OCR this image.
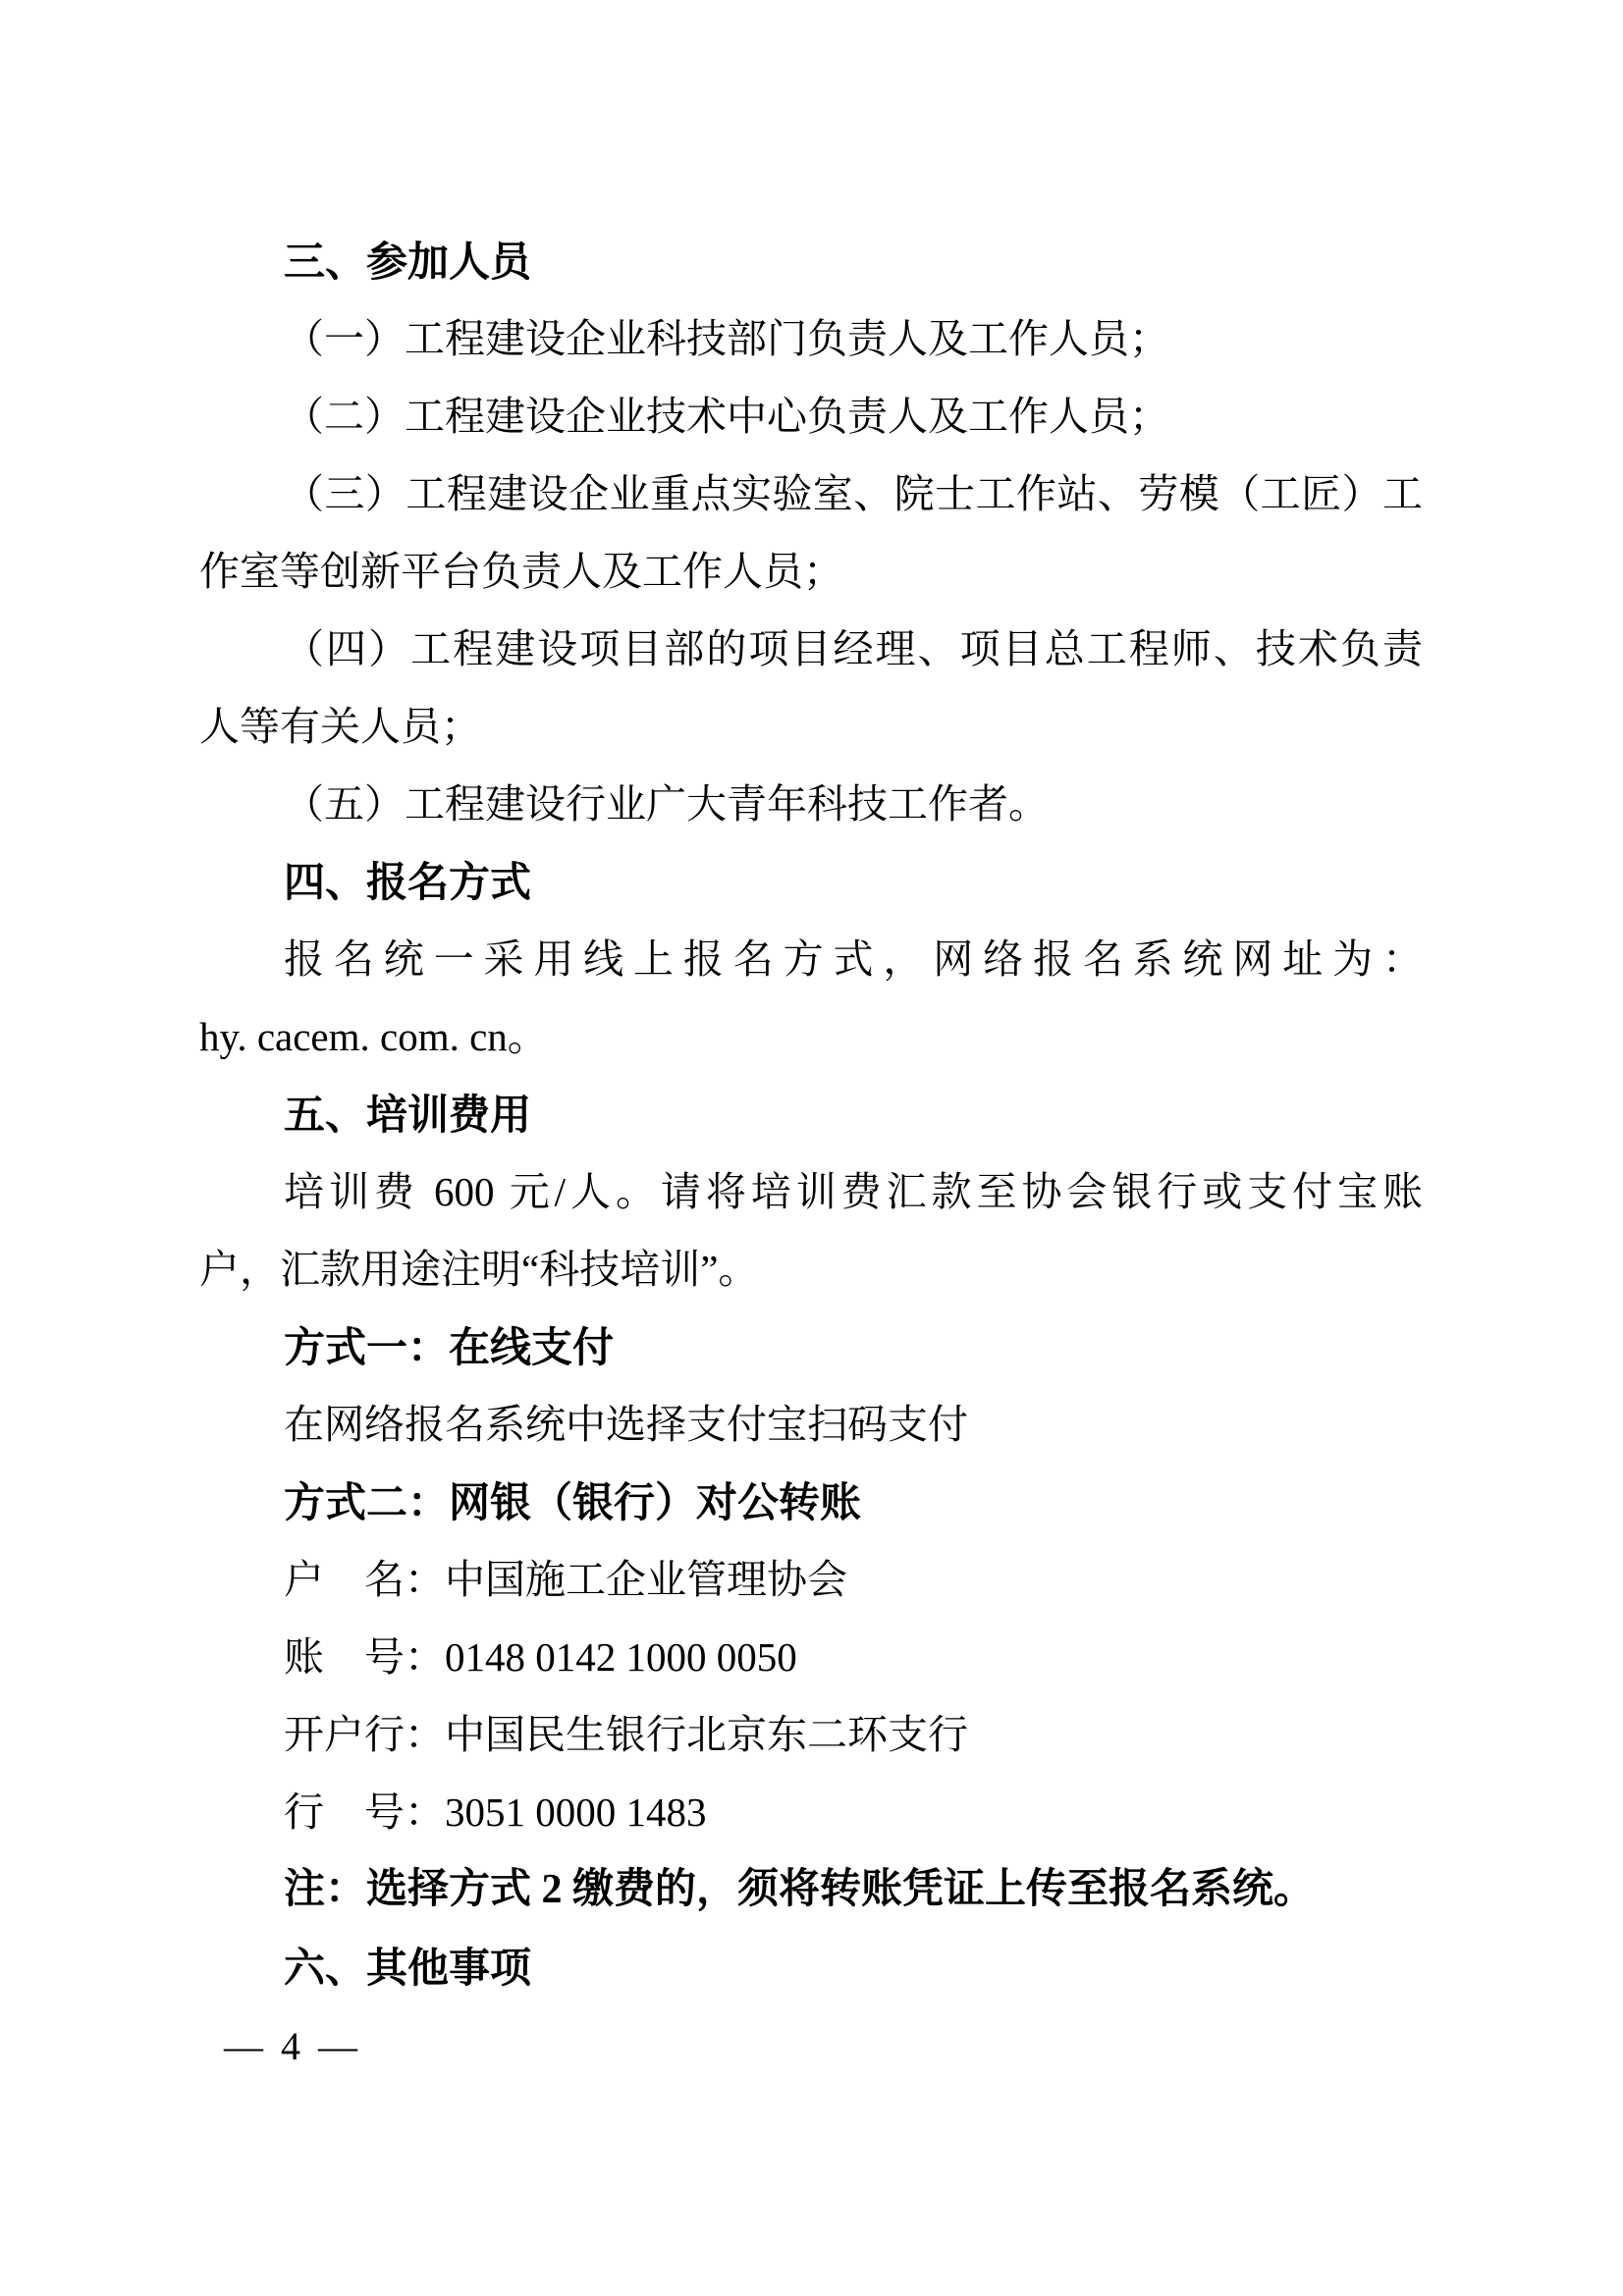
三、参加人员
（一）工程建设企业科技部门负责人及工作人员；
（二）工程建设企业技术中心负责人及工作人员；
（三）工程建设企业重点实验室、院士工作站、劳模（工匠）工
作室等创新平台负责人及工作人员；
（四）工程建设项目部的项目经理、项目总工程师、技术负责
人等有关人员；
（五）工程建设行业广大青年科技工作者。
四、报名方式
报名统一采用线上报名方式，网络报名系统网址为：
hy. cacem. com. cn。
五、培训费用
培训费 600 元/人。请将培训费汇款至协会银行或支付宝账
户，汇款用途注明“科技培训”。
方式一：在线支付
在网络报名系统中选择支付宝扫码支付
方式二：网银（银行）对公转账
户　名：中国施工企业管理协会
账　号：0148 0142 1000 0050
开户行：中国民生银行北京东二环支行
行　号：3051 0000 1483
注：选择方式 2 缴费的，须将转账凭证上传至报名系统。
六、其他事项
— 4 —
